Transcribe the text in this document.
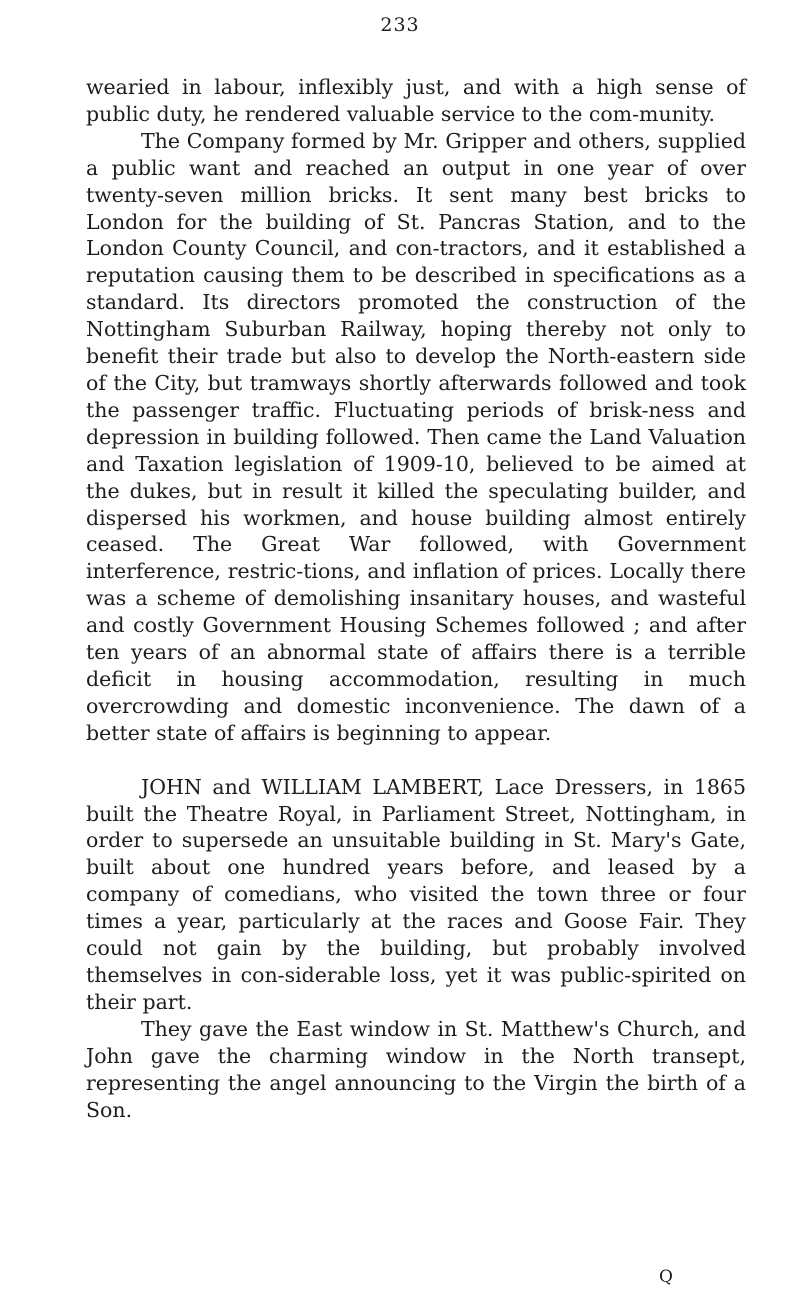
233

wearied in labour, inflexibly just, and with a high sense of public duty, he rendered valuable service to the com-munity.

The Company formed by Mr. Gripper and others, supplied a public want and reached an output in one year of over twenty-seven million bricks. It sent many best bricks to London for the building of St. Pancras Station, and to the London County Council, and con-tractors, and it established a reputation causing them to be described in specifications as a standard. Its directors promoted the construction of the Nottingham Suburban Railway, hoping thereby not only to benefit their trade but also to develop the North-eastern side of the City, but tramways shortly afterwards followed and took the passenger traffic. Fluctuating periods of brisk-ness and depression in building followed. Then came the Land Valuation and Taxation legislation of 1909-10, believed to be aimed at the dukes, but in result it killed the speculating builder, and dispersed his workmen, and house building almost entirely ceased. The Great War followed, with Government interference, restric-tions, and inflation of prices. Locally there was a scheme of demolishing insanitary houses, and wasteful and costly Government Housing Schemes followed ; and after ten years of an abnormal state of affairs there is a terrible deficit in housing accommodation, resulting in much overcrowding and domestic inconvenience. The dawn of a better state of affairs is beginning to appear.

JOHN and WILLIAM LAMBERT, Lace Dressers, in 1865 built the Theatre Royal, in Parliament Street, Nottingham, in order to supersede an unsuitable building in St. Mary's Gate, built about one hundred years before, and leased by a company of comedians, who visited the town three or four times a year, particularly at the races and Goose Fair. They could not gain by the building, but probably involved themselves in con-siderable loss, yet it was public-spirited on their part.

They gave the East window in St. Matthew's Church, and John gave the charming window in the North transept, representing the angel announcing to the Virgin the birth of a Son.

Q
